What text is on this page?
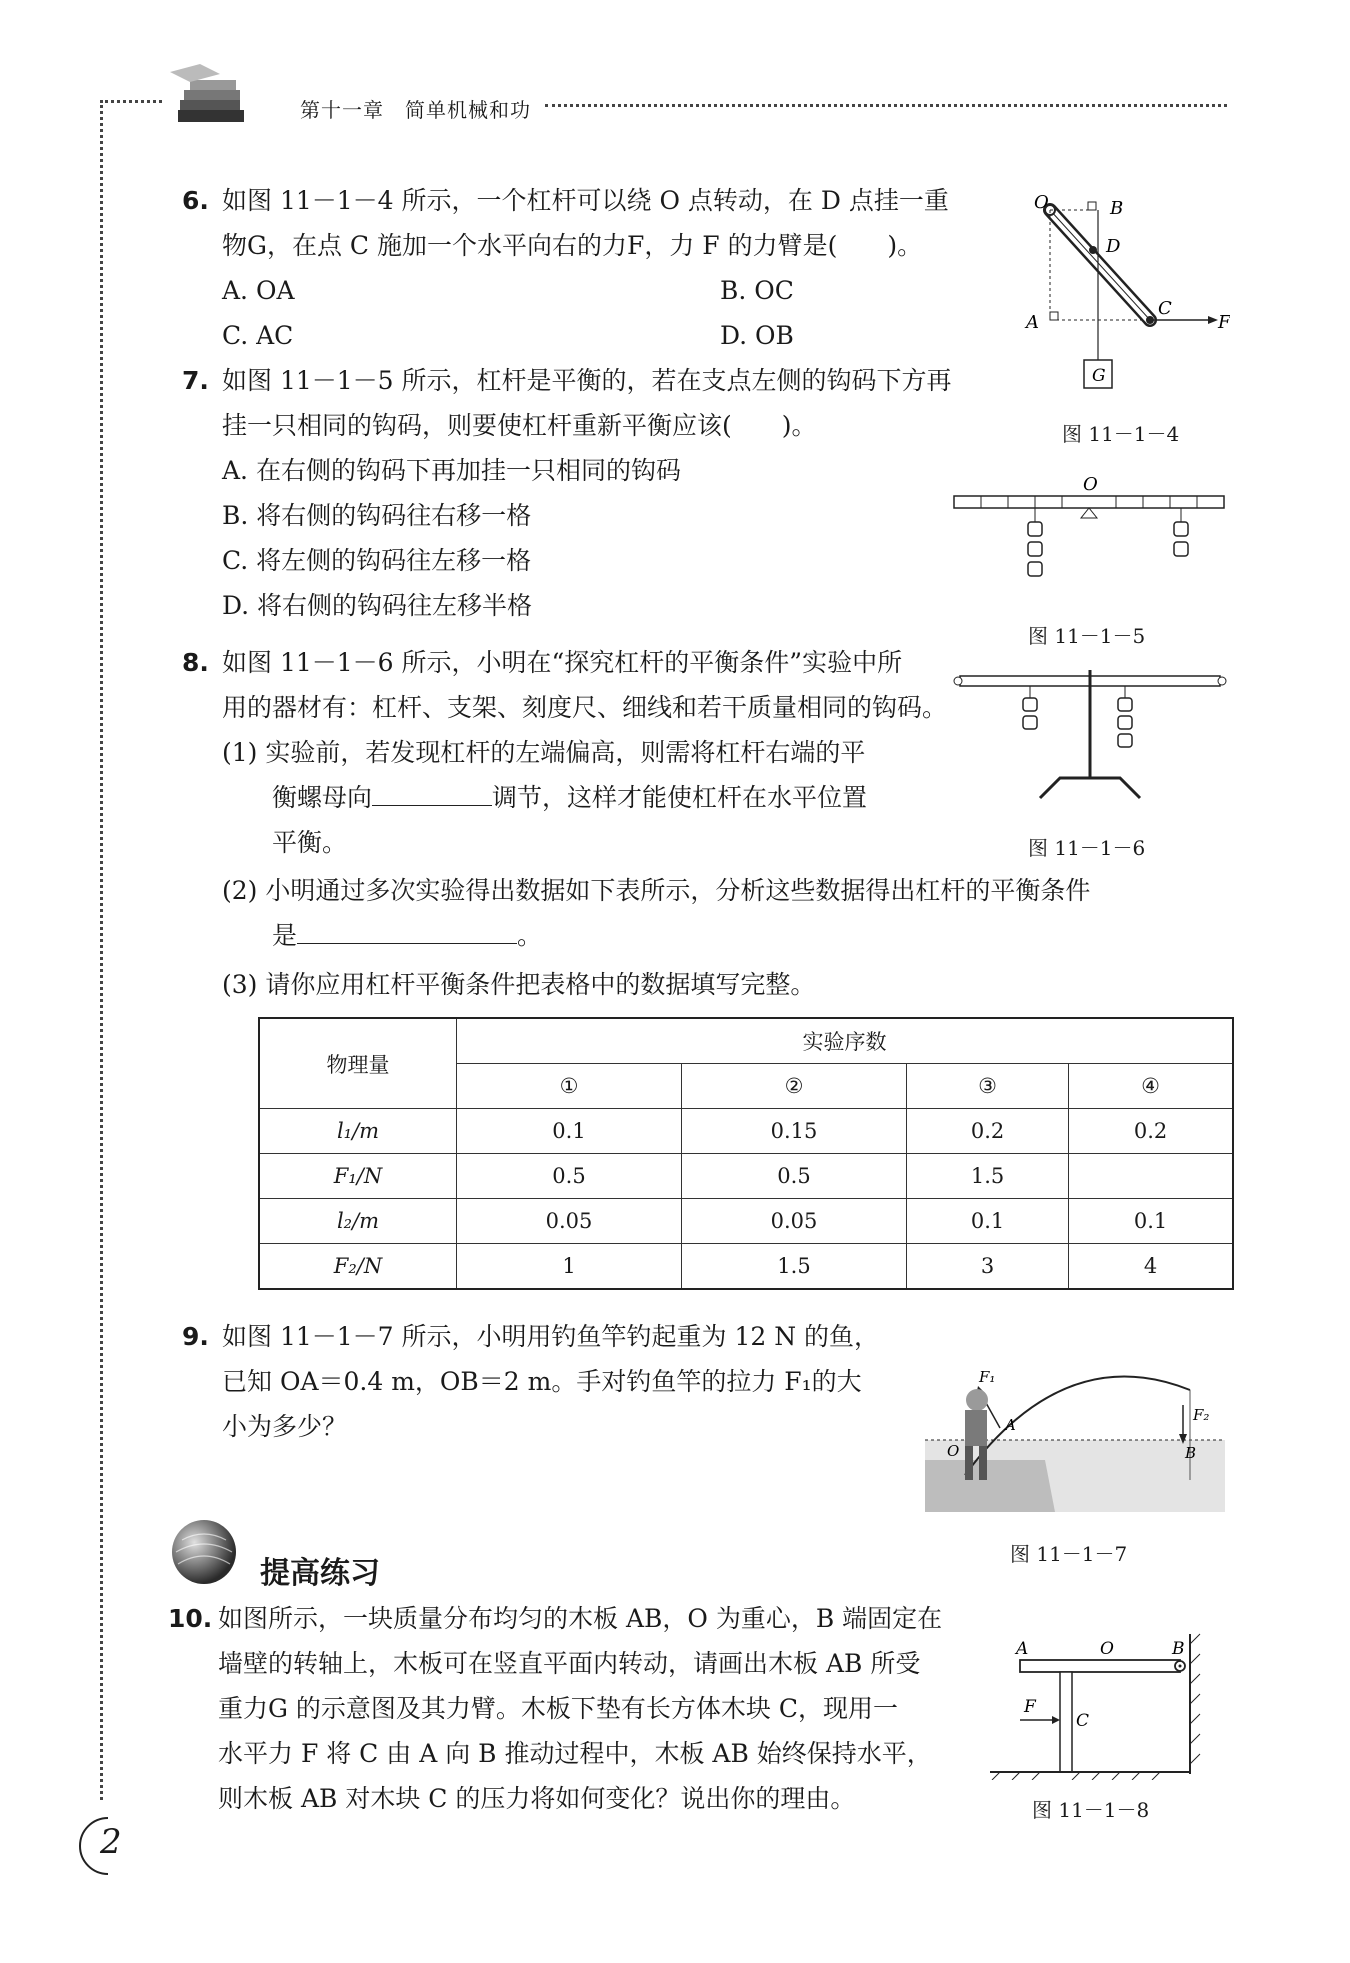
第十一章　简单机械和功
6. 如图 11－1－4 所示，一个杠杆可以绕 O 点转动，在 D 点挂一重
物G，在点 C 施加一个水平向右的力F，力 F 的力臂是(　　)。
A. OA	B. OC
C. AC	D. OB
O	B
D
C
A	F
G
图 11－1－4
7. 如图 11－1－5 所示，杠杆是平衡的，若在支点左侧的钩码下方再
挂一只相同的钩码，则要使杠杆重新平衡应该(　　)。
A. 在右侧的钩码下再加挂一只相同的钩码
B. 将右侧的钩码往右移一格
C. 将左侧的钩码往左移一格
D. 将右侧的钩码往左移半格
O
图 11－1－5
8. 如图 11－1－6 所示，小明在“探究杠杆的平衡条件”实验中所
用的器材有：杠杆、支架、刻度尺、细线和若干质量相同的钩码。
(1) 实验前，若发现杠杆的左端偏高，则需将杠杆右端的平
衡螺母向	调节，这样才能使杠杆在水平位置
平衡。
(2) 小明通过多次实验得出数据如下表所示，分析这些数据得出杠杆的平衡条件
是	。
(3) 请你应用杠杆平衡条件把表格中的数据填写完整。
图 11－1－6
物理量	实验序数			
	①	②	③	④
l₁/m	0.1	0.15	0.2	0.2
F₁/N	0.5	0.5	1.5	
l₂/m	0.05	0.05	0.1	0.1
F₂/N	1	1.5	3	4
9. 如图 11－1－7 所示，小明用钓鱼竿钓起重为 12 N 的鱼，
已知 OA＝0.4 m，OB＝2 m。手对钓鱼竿的拉力 F₁的大
小为多少？
F₁
A
F₂
B
O
图 11－1－7
提高练习
10. 如图所示，一块质量分布均匀的木板 AB，O 为重心，B 端固定在
墙壁的转轴上，木板可在竖直平面内转动，请画出木板 AB 所受
重力G 的示意图及其力臂。木板下垫有长方体木块 C，现用一
水平力 F 将 C 由 A 向 B 推动过程中，木板 AB 始终保持水平，
则木板 AB 对木块 C 的压力将如何变化？说出你的理由。
A	O	B
F
C
图 11－1－8
2
